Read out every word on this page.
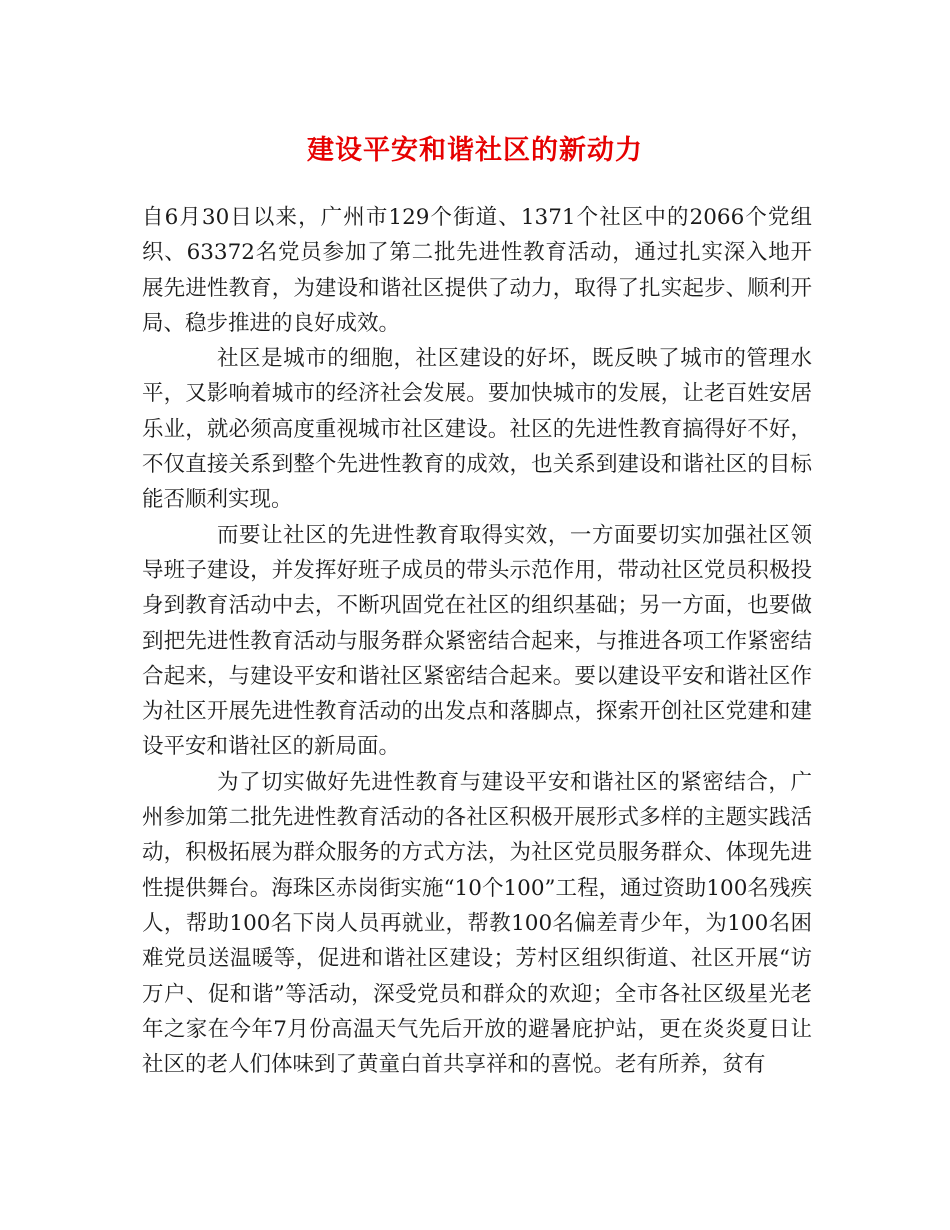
建设平安和谐社区的新动力

自6月30日以来，广州市129个街道、1371个社区中的2066个党组织、63372名党员参加了第二批先进性教育活动，通过扎实深入地开展先进性教育，为建设和谐社区提供了动力，取得了扎实起步、顺利开局、稳步推进的良好成效。

社区是城市的细胞，社区建设的好坏，既反映了城市的管理水平，又影响着城市的经济社会发展。要加快城市的发展，让老百姓安居乐业，就必须高度重视城市社区建设。社区的先进性教育搞得好不好，不仅直接关系到整个先进性教育的成效，也关系到建设和谐社区的目标能否顺利实现。

而要让社区的先进性教育取得实效，一方面要切实加强社区领导班子建设，并发挥好班子成员的带头示范作用，带动社区党员积极投身到教育活动中去，不断巩固党在社区的组织基础；另一方面，也要做到把先进性教育活动与服务群众紧密结合起来，与推进各项工作紧密结合起来，与建设平安和谐社区紧密结合起来。要以建设平安和谐社区作为社区开展先进性教育活动的出发点和落脚点，探索开创社区党建和建设平安和谐社区的新局面。

为了切实做好先进性教育与建设平安和谐社区的紧密结合，广州参加第二批先进性教育活动的各社区积极开展形式多样的主题实践活动，积极拓展为群众服务的方式方法，为社区党员服务群众、体现先进性提供舞台。海珠区赤岗街实施“10个100”工程，通过资助100名残疾人，帮助100名下岗人员再就业，帮教100名偏差青少年，为100名困难党员送温暖等，促进和谐社区建设；芳村区组织街道、社区开展“访万户、促和谐”等活动，深受党员和群众的欢迎；全市各社区级星光老年之家在今年7月份高温天气先后开放的避暑庇护站，更在炎炎夏日让社区的老人们体味到了黄童白首共享祥和的喜悦。老有所养，贫有
